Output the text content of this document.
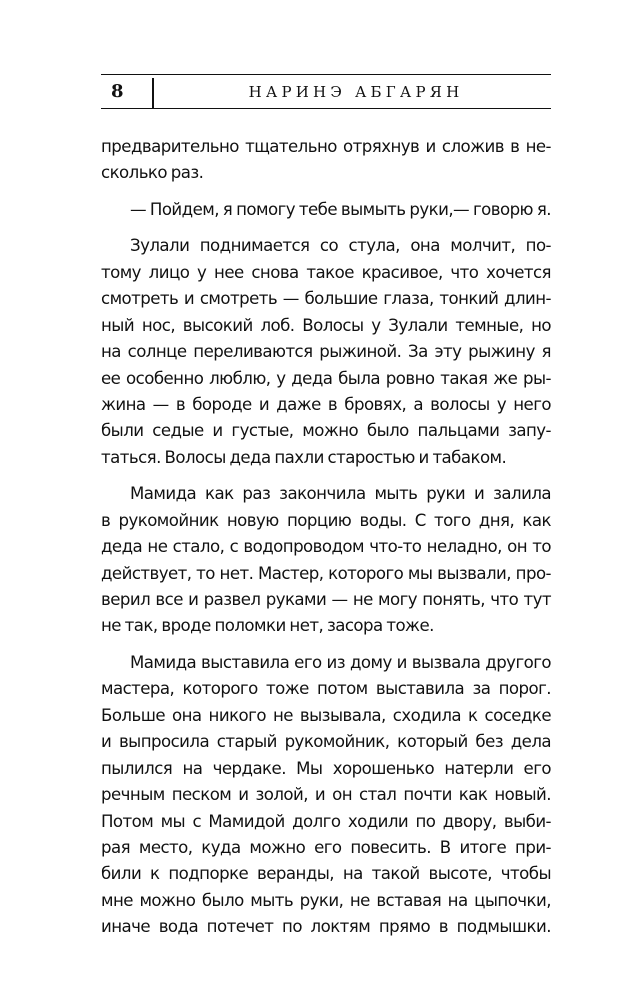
8	НАРИНЭ АБГАРЯН
предварительно тщательно отряхнув и сложив в не-
сколько раз.
— Пойдем, я помогу тебе вымыть руки,— говорю я.
Зулали поднимается со стула, она молчит, по-
тому лицо у нее снова такое красивое, что хочется
смотреть и смотреть — большие глаза, тонкий длин-
ный нос, высокий лоб. Волосы у Зулали темные, но
на солнце переливаются рыжиной. За эту рыжину я
ее особенно люблю, у деда была ровно такая же ры-
жина — в бороде и даже в бровях, а волосы у него
были седые и густые, можно было пальцами запу-
таться. Волосы деда пахли старостью и табаком.
Мамида как раз закончила мыть руки и залила
в рукомойник новую порцию воды. С того дня, как
деда не стало, с водопроводом что-то неладно, он то
действует, то нет. Мастер, которого мы вызвали, про-
верил все и развел руками — не могу понять, что тут
не так, вроде поломки нет, засора тоже.
Мамида выставила его из дому и вызвала другого
мастера, которого тоже потом выставила за порог.
Больше она никого не вызывала, сходила к соседке
и выпросила старый рукомойник, который без дела
пылился на чердаке. Мы хорошенько натерли его
речным песком и золой, и он стал почти как новый.
Потом мы с Мамидой долго ходили по двору, выби-
рая место, куда можно его повесить. В итоге при-
били к подпорке веранды, на такой высоте, чтобы
мне можно было мыть руки, не вставая на цыпочки,
иначе вода потечет по локтям прямо в подмышки.
